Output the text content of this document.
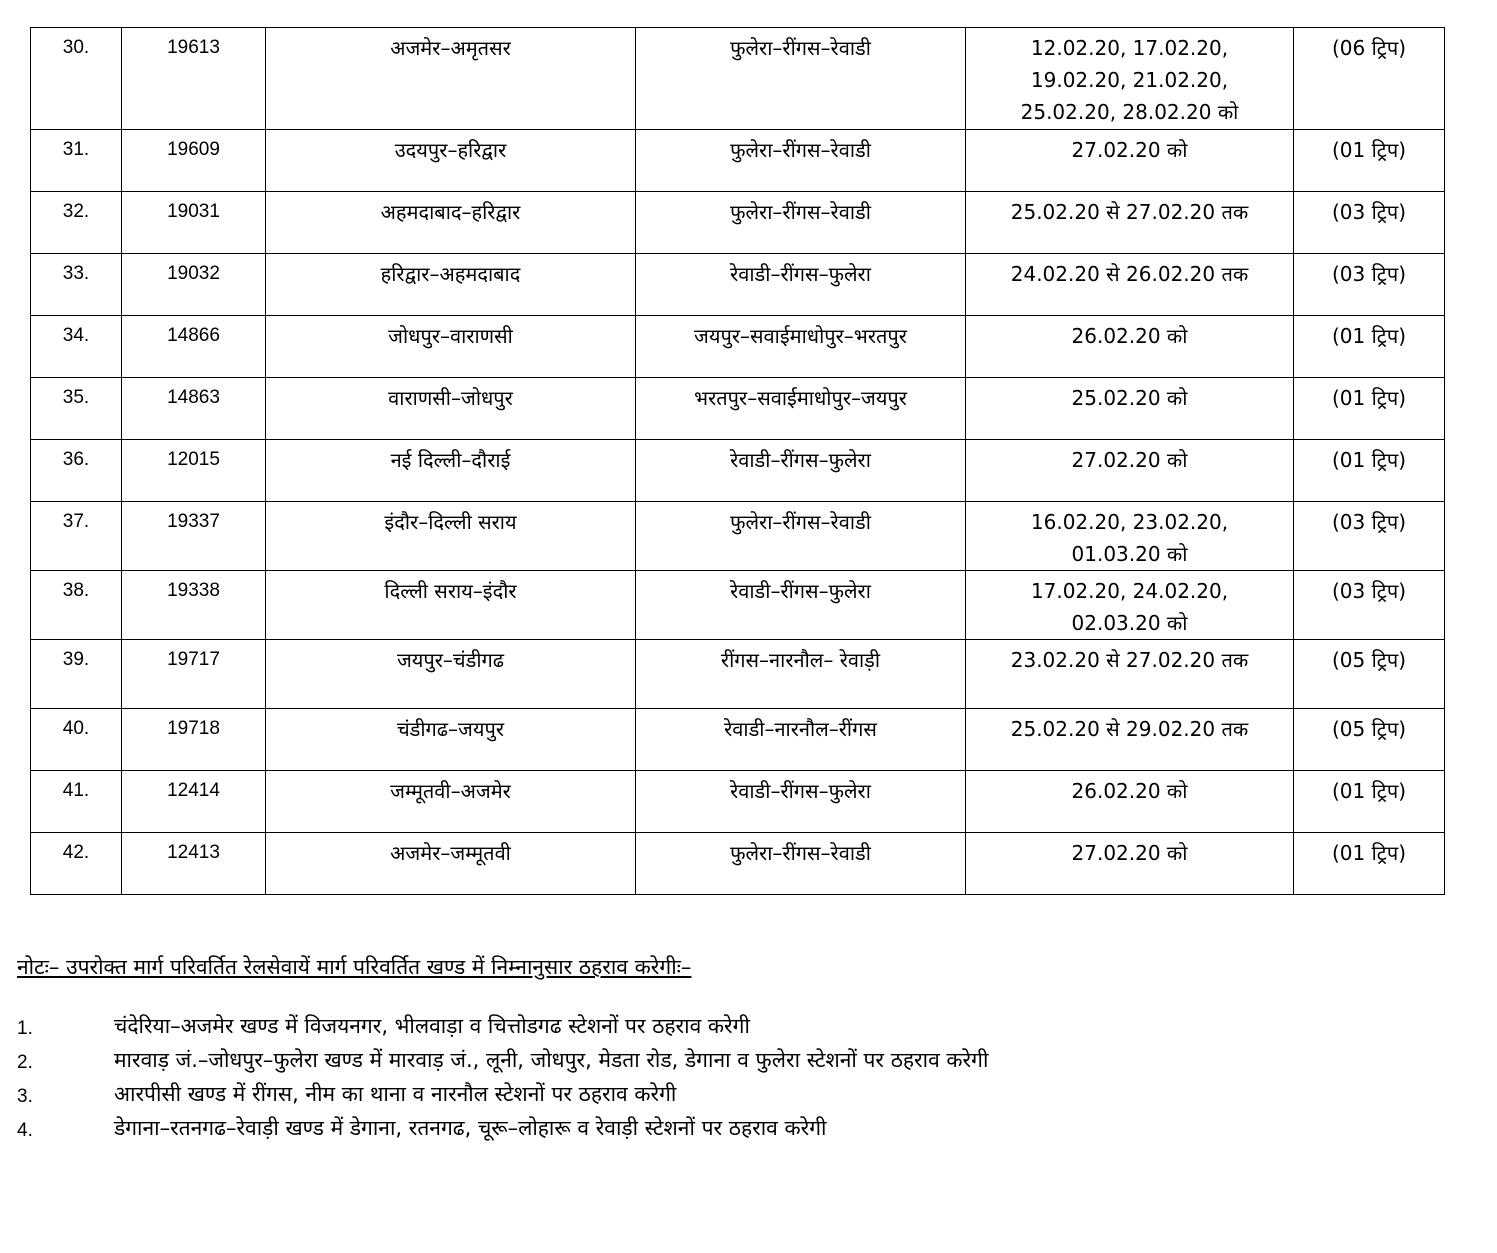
30.	19613	अजमेर–अमृतसर	फुलेरा–रींगस–रेवाडी	12.02.20, 17.02.20,
19.02.20, 21.02.20,
25.02.20, 28.02.20 को	(06 ट्रिप)
31.	19609	उदयपुर–हरिद्वार	फुलेरा–रींगस–रेवाडी	27.02.20 को	(01 ट्रिप)
32.	19031	अहमदाबाद–हरिद्वार	फुलेरा–रींगस–रेवाडी	25.02.20 से 27.02.20 तक	(03 ट्रिप)
33.	19032	हरिद्वार–अहमदाबाद	रेवाडी–रींगस–फुलेरा	24.02.20 से 26.02.20 तक	(03 ट्रिप)
34.	14866	जोधपुर–वाराणसी	जयपुर–सवाईमाधोपुर–भरतपुर	26.02.20 को	(01 ट्रिप)
35.	14863	वाराणसी–जोधपुर	भरतपुर–सवाईमाधोपुर–जयपुर	25.02.20 को	(01 ट्रिप)
36.	12015	नई दिल्ली–दौराई	रेवाडी–रींगस–फुलेरा	27.02.20 को	(01 ट्रिप)
37.	19337	इंदौर–दिल्ली सराय	फुलेरा–रींगस–रेवाडी	16.02.20, 23.02.20,
01.03.20 को	(03 ट्रिप)
38.	19338	दिल्ली सराय–इंदौर	रेवाडी–रींगस–फुलेरा	17.02.20, 24.02.20,
02.03.20 को	(03 ट्रिप)
39.	19717	जयपुर–चंडीगढ	रींगस–नारनौल– रेवाड़ी	23.02.20 से 27.02.20 तक	(05 ट्रिप)
40.	19718	चंडीगढ–जयपुर	रेवाडी–नारनौल–रींगस	25.02.20 से 29.02.20 तक	(05 ट्रिप)
41.	12414	जम्मूतवी–अजमेर	रेवाडी–रींगस–फुलेरा	26.02.20 को	(01 ट्रिप)
42.	12413	अजमेर–जम्मूतवी	फुलेरा–रींगस–रेवाडी	27.02.20 को	(01 ट्रिप)

नोटः– उपरोक्त मार्ग परिवर्तित रेलसेवायें मार्ग परिवर्तित खण्ड में निम्नानुसार ठहराव करेगीः–

1.	चंदेरिया–अजमेर खण्ड में विजयनगर, भीलवाड़ा व चित्तोडगढ स्टेशनों पर ठहराव करेगी
2.	मारवाड़ जं.–जोधपुर–फुलेरा खण्ड में मारवाड़ जं., लूनी, जोधपुर, मेडता रोड, डेगाना व फुलेरा स्टेशनों पर ठहराव करेगी
3.	आरपीसी खण्ड में रींगस, नीम का थाना व नारनौल स्टेशनों पर ठहराव करेगी
4.	डेगाना–रतनगढ–रेवाड़ी खण्ड में डेगाना, रतनगढ, चूरू–लोहारू व रेवाड़ी स्टेशनों पर ठहराव करेगी
